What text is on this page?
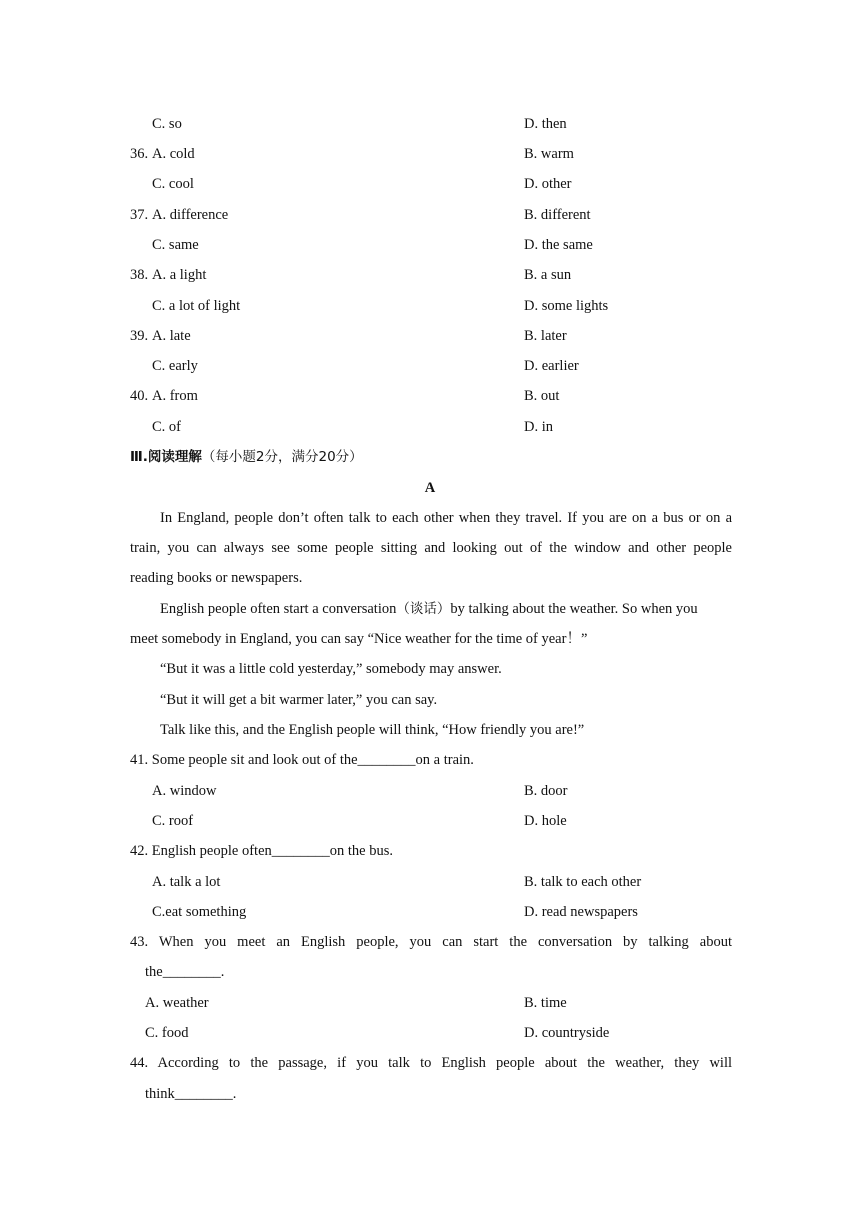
C. so	D. then
36. A. cold	B. warm
C. cool	D. other
37. A. difference	B. different
C. same	D. the same
38. A. a light	B. a sun
C. a lot of light	D. some lights
39. A. late	B. later
C. early	D. earlier
40. A. from	B. out
C. of	D. in
Ⅲ.阅读理解（每小题2分，满分20分）
A
In England, people don’t often talk to each other when they travel. If you are on a bus or on a
train, you can always see some people sitting and looking out of the window and other people
reading books or newspapers.
English people often start a conversation（谈话）by talking about the weather. So when you
meet somebody in England, you can say “Nice weather for the time of year！”
“But it was a little cold yesterday,” somebody may answer.
“But it will get a bit warmer later,” you can say.
Talk like this, and the English people will think, “How friendly you are!”
41. Some people sit and look out of the________on a train.
A. window	B. door
C. roof	D. hole
42. English people often________on the bus.
A. talk a lot	B. talk to each other
C.eat something	D. read newspapers
43. When you meet an English people, you can start the conversation by talking about
the________.
A. weather	B. time
C. food	D. countryside
44. According to the passage, if you talk to English people about the weather, they will
think________.
